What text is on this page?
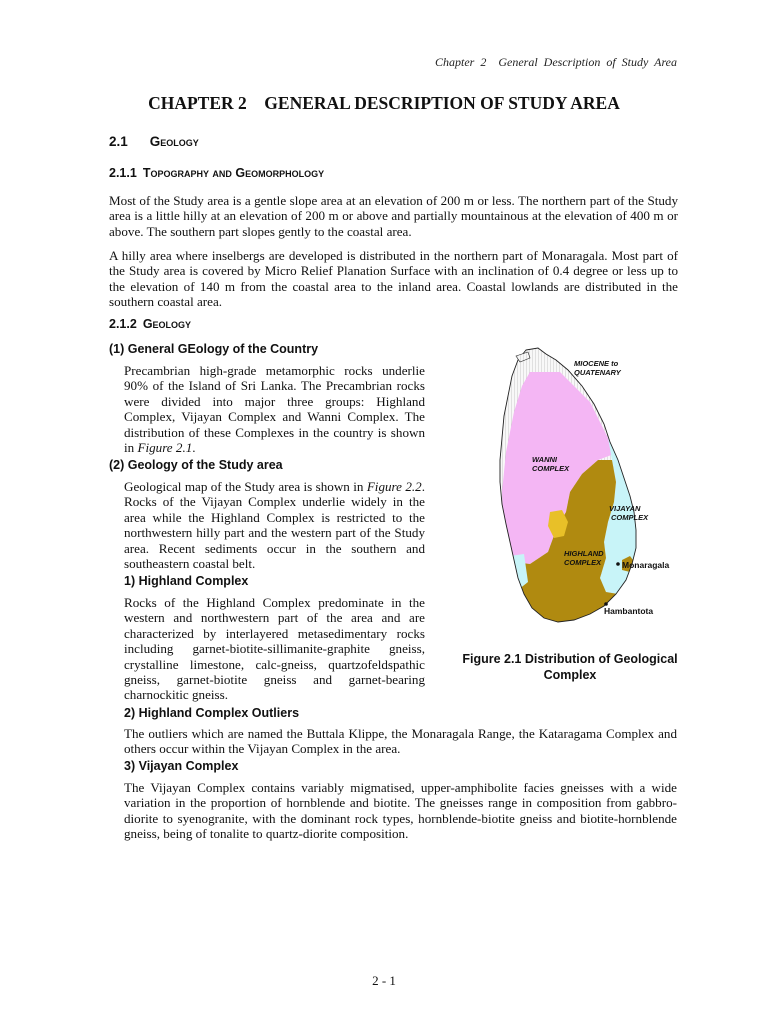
Chapter  2    General  Description  of  Study  Area
CHAPTER 2    GENERAL DESCRIPTION OF STUDY AREA
2.1 Geology
2.1.1 Topography and Geomorphology

Most of the Study area is a gentle slope area at an elevation of 200 m or less. The northern part of the Study area is a little hilly at an elevation of 200 m or above and partially mountainous at the elevation of 400 m or above. The southern part slopes gently to the coastal area.

A hilly area where inselbergs are developed is distributed in the northern part of Monaragala. Most part of the Study area is covered by Micro Relief Planation Surface with an inclination of 0.4 degree or less up to the elevation of 140 m from the coastal area to the inland area. Coastal lowlands are distributed in the southern coastal area.

2.1.2 Geology
(1) General GEology of the Country

Precambrian high-grade metamorphic rocks underlie 90% of the Island of Sri Lanka. The Precambrian rocks were divided into major three groups: Highland Complex, Vijayan Complex and Wanni Complex. The distribution of these Complexes in the country is shown in Figure 2.1.

(2) Geology of the Study area

Geological map of the Study area is shown in Figure 2.2. Rocks of the Vijayan Complex underlie widely in the area while the Highland Complex is restricted to the northwestern hilly part and the western part of the Study area. Recent sediments occur in the southern and southeastern coastal belt.

1) Highland Complex

Rocks of the Highland Complex predominate in the western and northwestern part of the area and are characterized by interlayered metasedimentary rocks including garnet-biotite-sillimanite-graphite gneiss, crystalline limestone, calc-gneiss, quartzofeldspathic gneiss, garnet-biotite gneiss and garnet-bearing charnockitic gneiss.

2) Highland Complex Outliers

The outliers which are named the Buttala Klippe, the Monaragala Range, the Kataragama Complex and others occur within the Vijayan Complex in the area.

3) Vijayan Complex

The Vijayan Complex contains variably migmatised, upper-amphibolite facies gneisses with a wide variation in the proportion of hornblende and biotite. The gneisses range in composition from gabbro-diorite to syenogranite, with the dominant rock types, hornblende-biotite gneiss and biotite-hornblende gneiss, being of tonalite to quartz-diorite composition.

MIOCENE to
QUATENARY
WANNI
COMPLEX
VIJAYAN
COMPLEX
HIGHLAND
COMPLEX Monaragala
Hambantota
Figure 2.1 Distribution of Geological
Complex
2 - 1
